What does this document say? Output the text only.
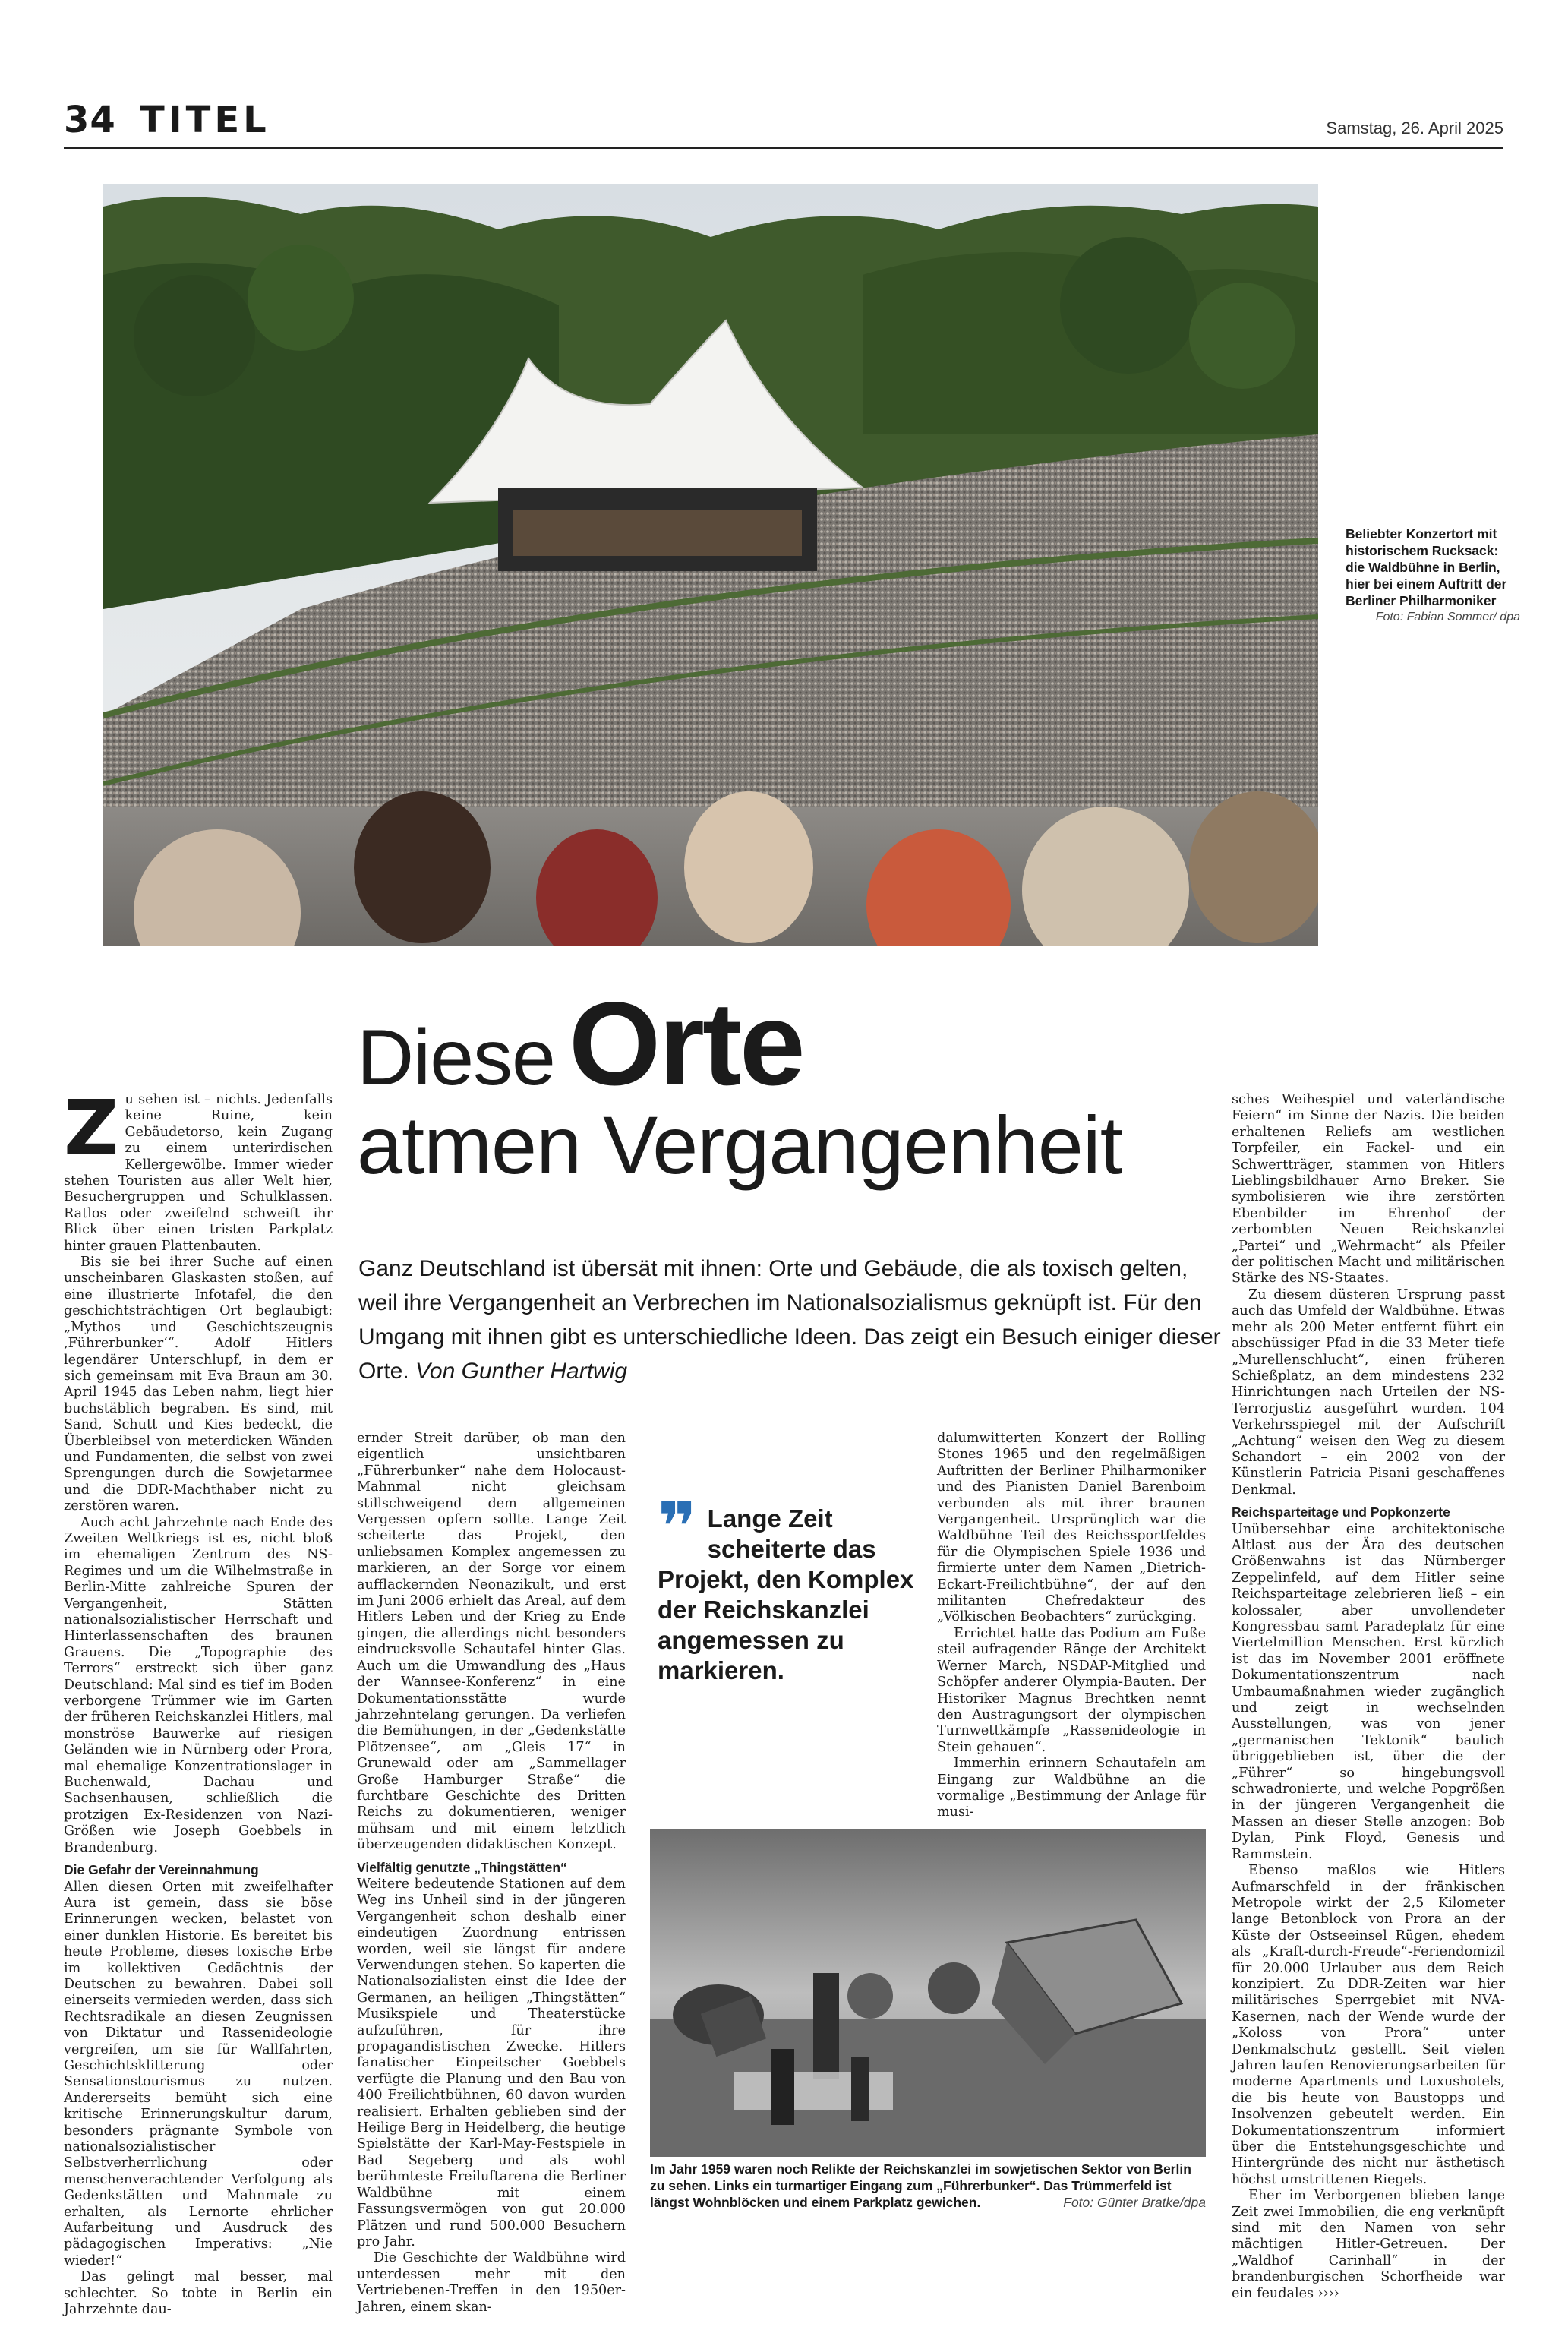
34 TITEL	Samstag, 26. April 2025
Beliebter Konzertort mit historischem Rucksack: die Waldbühne in Berlin, hier bei einem Auftritt der Berliner Philharmoniker
Foto: Fabian Sommer/ dpa
Diese Orte
atmen Vergangenheit
Ganz Deutschland ist übersät mit ihnen: Orte und Gebäude, die als toxisch gelten, weil ihre Vergangenheit an Verbrechen im Nationalsozialismus geknüpft ist. Für den Umgang mit ihnen gibt es unterschiedliche Ideen. Das zeigt ein Besuch einiger dieser Orte. Von Gunther Hartwig

Zu sehen ist – nichts. Jedenfalls keine Ruine, kein Gebäudetorso, kein Zugang zu einem unterirdischen Kellergewölbe. Immer wieder stehen Touristen aus aller Welt hier, Besuchergruppen und Schulklassen. Ratlos oder zweifelnd schweift ihr Blick über einen tristen Parkplatz hinter grauen Plattenbauten.

Bis sie bei ihrer Suche auf einen unscheinbaren Glaskasten stoßen, auf eine illustrierte Infotafel, die den geschichtsträchtigen Ort beglaubigt: „Mythos und Geschichtszeugnis ‚Führerbunker‘“. Adolf Hitlers legendärer Unterschlupf, in dem er sich gemeinsam mit Eva Braun am 30. April 1945 das Leben nahm, liegt hier buchstäblich begraben. Es sind, mit Sand, Schutt und Kies bedeckt, die Überbleibsel von meterdicken Wänden und Fundamenten, die selbst von zwei Sprengungen durch die Sowjetarmee und die DDR-Machthaber nicht zu zerstören waren.

Auch acht Jahrzehnte nach Ende des Zweiten Weltkriegs ist es, nicht bloß im ehemaligen Zentrum des NS-Regimes und um die Wilhelmstraße in Berlin-Mitte zahlreiche Spuren der Vergangenheit, Stätten nationalsozialistischer Herrschaft und Hinterlassenschaften des braunen Grauens. Die „Topographie des Terrors“ erstreckt sich über ganz Deutschland: Mal sind es tief im Boden verborgene Trümmer wie im Garten der früheren Reichskanzlei Hitlers, mal monströse Bauwerke auf riesigen Geländen wie in Nürnberg oder Prora, mal ehemalige Konzentrationslager in Buchenwald, Dachau und Sachsenhausen, schließlich die protzigen Ex-Residenzen von Nazi-Größen wie Joseph Goebbels in Brandenburg.

Die Gefahr der Vereinnahmung

Allen diesen Orten mit zweifelhafter Aura ist gemein, dass sie böse Erinnerungen wecken, belastet von einer dunklen Historie. Es bereitet bis heute Probleme, dieses toxische Erbe im kollektiven Gedächtnis der Deutschen zu bewahren. Dabei soll einerseits vermieden werden, dass sich Rechtsradikale an diesen Zeugnissen von Diktatur und Rassenideologie vergreifen, um sie für Wallfahrten, Geschichtsklitterung oder Sensationstourismus zu nutzen. Andererseits bemüht sich eine kritische Erinnerungskultur darum, besonders prägnante Symbole von nationalsozialistischer Selbstverherrlichung oder menschenverachtender Verfolgung als Gedenkstätten und Mahnmale zu erhalten, als Lernorte ehrlicher Aufarbeitung und Ausdruck des pädagogischen Imperativs: „Nie wieder!“

Das gelingt mal besser, mal schlechter. So tobte in Berlin ein Jahrzehnte dau-

ernder Streit darüber, ob man den eigentlich unsichtbaren „Führerbunker“ nahe dem Holocaust-Mahnmal nicht gleichsam stillschweigend dem allgemeinen Vergessen opfern sollte. Lange Zeit scheiterte das Projekt, den unliebsamen Komplex angemessen zu markieren, an der Sorge vor einem aufflackernden Neonazikult, und erst im Juni 2006 erhielt das Areal, auf dem Hitlers Leben und der Krieg zu Ende gingen, die allerdings nicht besonders eindrucksvolle Schautafel hinter Glas. Auch um die Umwandlung des „Haus der Wannsee-Konferenz“ in eine Dokumentationsstätte wurde jahrzehntelang gerungen. Da verliefen die Bemühungen, in der „Gedenkstätte Plötzensee“, am „Gleis 17“ in Grunewald oder am „Sammellager Große Hamburger Straße“ die furchtbare Geschichte des Dritten Reichs zu dokumentieren, weniger mühsam und mit einem letztlich überzeugenden didaktischen Konzept.

Vielfältig genutzte „Thingstätten“

Weitere bedeutende Stationen auf dem Weg ins Unheil sind in der jüngeren Vergangenheit schon deshalb einer eindeutigen Zuordnung entrissen worden, weil sie längst für andere Verwendungen stehen. So kaperten die Nationalsozialisten einst die Idee der Germanen, an heiligen „Thingstätten“ Musikspiele und Theaterstücke aufzuführen, für ihre propagandistischen Zwecke. Hitlers fanatischer Einpeitscher Goebbels verfügte die Planung und den Bau von 400 Freilichtbühnen, 60 davon wurden realisiert. Erhalten geblieben sind der Heilige Berg in Heidelberg, die heutige Spielstätte der Karl-May-Festspiele in Bad Segeberg und als wohl berühmteste Freiluftarena die Berliner Waldbühne mit einem Fassungsvermögen von gut 20.000 Plätzen und rund 500.000 Besuchern pro Jahr.

Die Geschichte der Waldbühne wird unterdessen mehr mit den Vertriebenen-Treffen in den 1950er-Jahren, einem skan-

❞ Lange Zeit scheiterte das Projekt, den Komplex der Reichskanzlei angemessen zu markieren.

dalumwitterten Konzert der Rolling Stones 1965 und den regelmäßigen Auftritten der Berliner Philharmoniker und des Pianisten Daniel Barenboim verbunden als mit ihrer braunen Vergangenheit. Ursprünglich war die Waldbühne Teil des Reichssportfeldes für die Olympischen Spiele 1936 und firmierte unter dem Namen „Dietrich-Eckart-Freilichtbühne“, der auf den militanten Chefredakteur des „Völkischen Beobachters“ zurückging.

Errichtet hatte das Podium am Fuße steil aufragender Ränge der Architekt Werner March, NSDAP-Mitglied und Schöpfer anderer Olympia-Bauten. Der Historiker Magnus Brechtken nennt den Austragungsort der olympischen Turnwettkämpfe „Rassenideologie in Stein gehauen“.

Immerhin erinnern Schautafeln am Eingang zur Waldbühne an die vormalige „Bestimmung der Anlage für musi-

Im Jahr 1959 waren noch Relikte der Reichskanzlei im sowjetischen Sektor von Berlin zu sehen. Links ein turmartiger Eingang zum „Führerbunker“. Das Trümmerfeld ist längst Wohnblöcken und einem Parkplatz gewichen.	Foto: Günter Bratke/dpa

sches Weihespiel und vaterländische Feiern“ im Sinne der Nazis. Die beiden erhaltenen Reliefs am westlichen Torpfeiler, ein Fackel- und ein Schwertträger, stammen von Hitlers Lieblingsbildhauer Arno Breker. Sie symbolisieren wie ihre zerstörten Ebenbilder im Ehrenhof der zerbombten Neuen Reichskanzlei „Partei“ und „Wehrmacht“ als Pfeiler der politischen Macht und militärischen Stärke des NS-Staates.

Zu diesem düsteren Ursprung passt auch das Umfeld der Waldbühne. Etwas mehr als 200 Meter entfernt führt ein abschüssiger Pfad in die 33 Meter tiefe „Murellenschlucht“, einen früheren Schießplatz, an dem mindestens 232 Hinrichtungen nach Urteilen der NS-Terrorjustiz ausgeführt wurden. 104 Verkehrsspiegel mit der Aufschrift „Achtung“ weisen den Weg zu diesem Schandort – ein 2002 von der Künstlerin Patricia Pisani geschaffenes Denkmal.

Reichsparteitage und Popkonzerte

Unübersehbar eine architektonische Altlast aus der Ära des deutschen Größenwahns ist das Nürnberger Zeppelinfeld, auf dem Hitler seine Reichsparteitage zelebrieren ließ – ein kolossaler, aber unvollendeter Kongressbau samt Paradeplatz für eine Viertelmillion Menschen. Erst kürzlich ist das im November 2001 eröffnete Dokumentationszentrum nach Umbaumaßnahmen wieder zugänglich und zeigt in wechselnden Ausstellungen, was von jener „germanischen Tektonik“ baulich übriggeblieben ist, über die der „Führer“ so hingebungsvoll schwadronierte, und welche Popgrößen in der jüngeren Vergangenheit die Massen an dieser Stelle anzogen: Bob Dylan, Pink Floyd, Genesis und Rammstein.

Ebenso maßlos wie Hitlers Aufmarschfeld in der fränkischen Metropole wirkt der 2,5 Kilometer lange Betonblock von Prora an der Küste der Ostseeinsel Rügen, ehedem als „Kraft-durch-Freude“-Feriendomizil für 20.000 Urlauber aus dem Reich konzipiert. Zu DDR-Zeiten war hier militärisches Sperrgebiet mit NVA-Kasernen, nach der Wende wurde der „Koloss von Prora“ unter Denkmalschutz gestellt. Seit vielen Jahren laufen Renovierungsarbeiten für moderne Apartments und Luxushotels, die bis heute von Baustopps und Insolvenzen gebeutelt werden. Ein Dokumentationszentrum informiert über die Entstehungsgeschichte und Hintergründe des nicht nur ästhetisch höchst umstrittenen Riegels.

Eher im Verborgenen blieben lange Zeit zwei Immobilien, die eng verknüpft sind mit den Namen von sehr mächtigen Hitler-Getreuen. Der „Waldhof Carinhall“ in der brandenburgischen Schorfheide war ein feudales ››››
